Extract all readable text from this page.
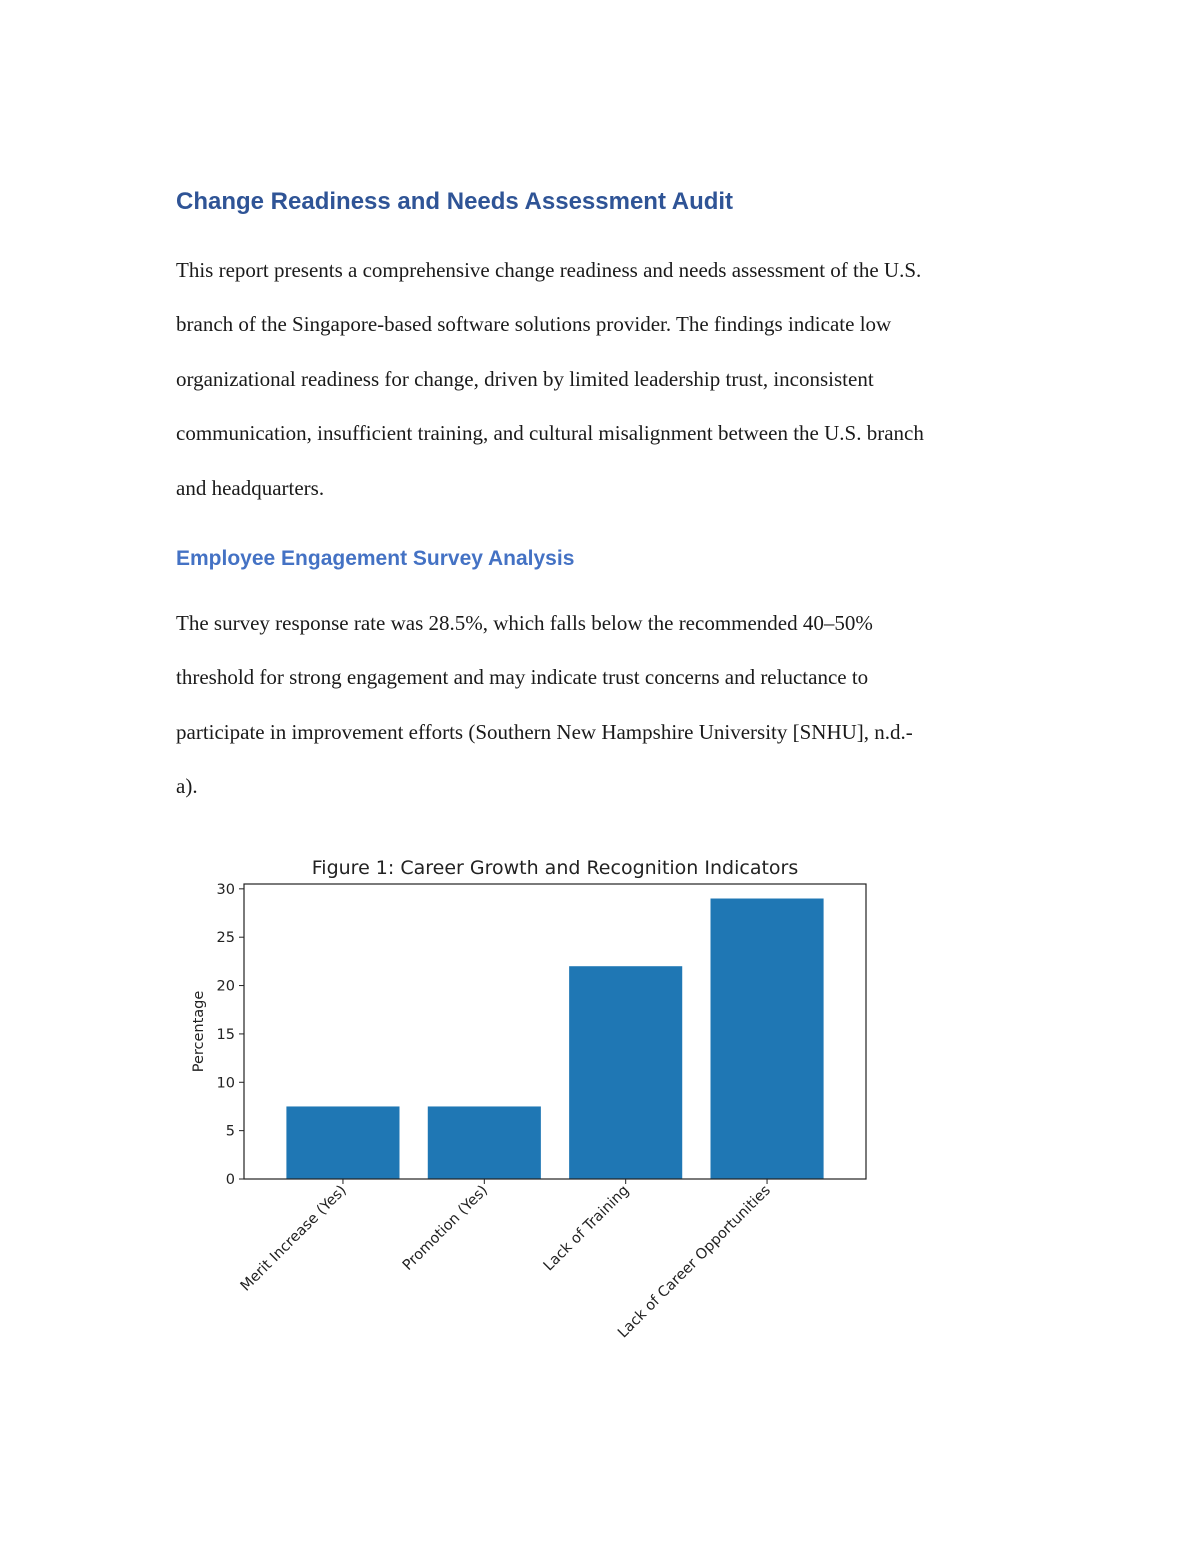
Change Readiness and Needs Assessment Audit

This report presents a comprehensive change readiness and needs assessment of the U.S.
branch of the Singapore-based software solutions provider. The findings indicate low
organizational readiness for change, driven by limited leadership trust, inconsistent
communication, insufficient training, and cultural misalignment between the U.S. branch
and headquarters.

Employee Engagement Survey Analysis

The survey response rate was 28.5%, which falls below the recommended 40–50%
threshold for strong engagement and may indicate trust concerns and reluctance to
participate in improvement efforts (Southern New Hampshire University [SNHU], n.d.-
a).

Figure 1: Career Growth and Recognition Indicators
Merit Increase (Yes)	Promotion (Yes)	Lack of Training
Lack of Career Opportunities
0
5
10
15
20
25
30
Percentage
